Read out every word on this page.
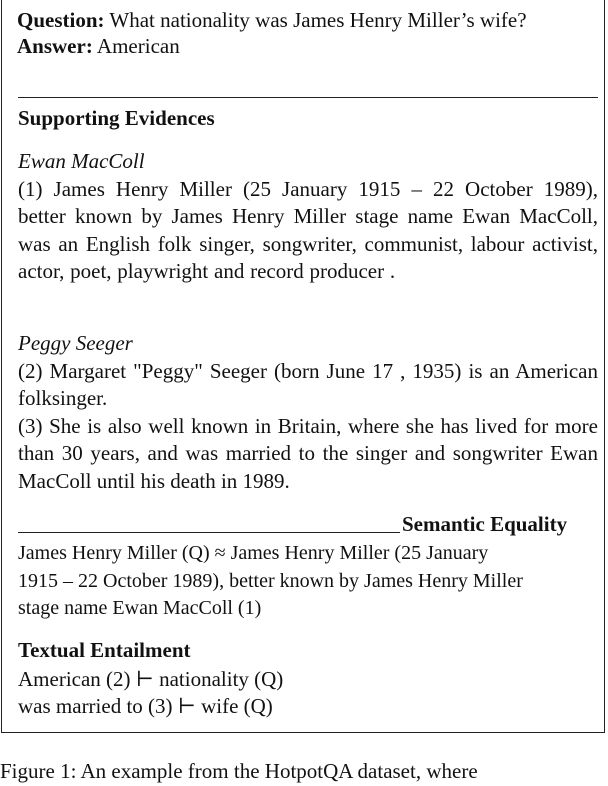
Question: What nationality was James Henry Miller’s wife?
Answer: American
Supporting Evidences
Ewan MacColl
(1) James Henry Miller (25 January 1915 – 22 October 1989), better known by James Henry Miller stage name Ewan MacColl, was an English folk singer, songwriter, communist, labour activist, actor, poet, playwright and record producer .
Peggy Seeger
(2) Margaret "Peggy" Seeger (born June 17 , 1935) is an American folksinger.
(3) She is also well known in Britain, where she has lived for more than 30 years, and was married to the singer and songwriter Ewan MacColl until his death in 1989.
Semantic Equality
James Henry Miller (Q) ≈ James Henry Miller (25 January
1915 – 22 October 1989), better known by James Henry Miller
stage name Ewan MacColl (1)
Textual Entailment
American (2) ⊢ nationality (Q)
was married to (3) ⊢ wife (Q)
Figure 1: An example from the HotpotQA dataset, where
